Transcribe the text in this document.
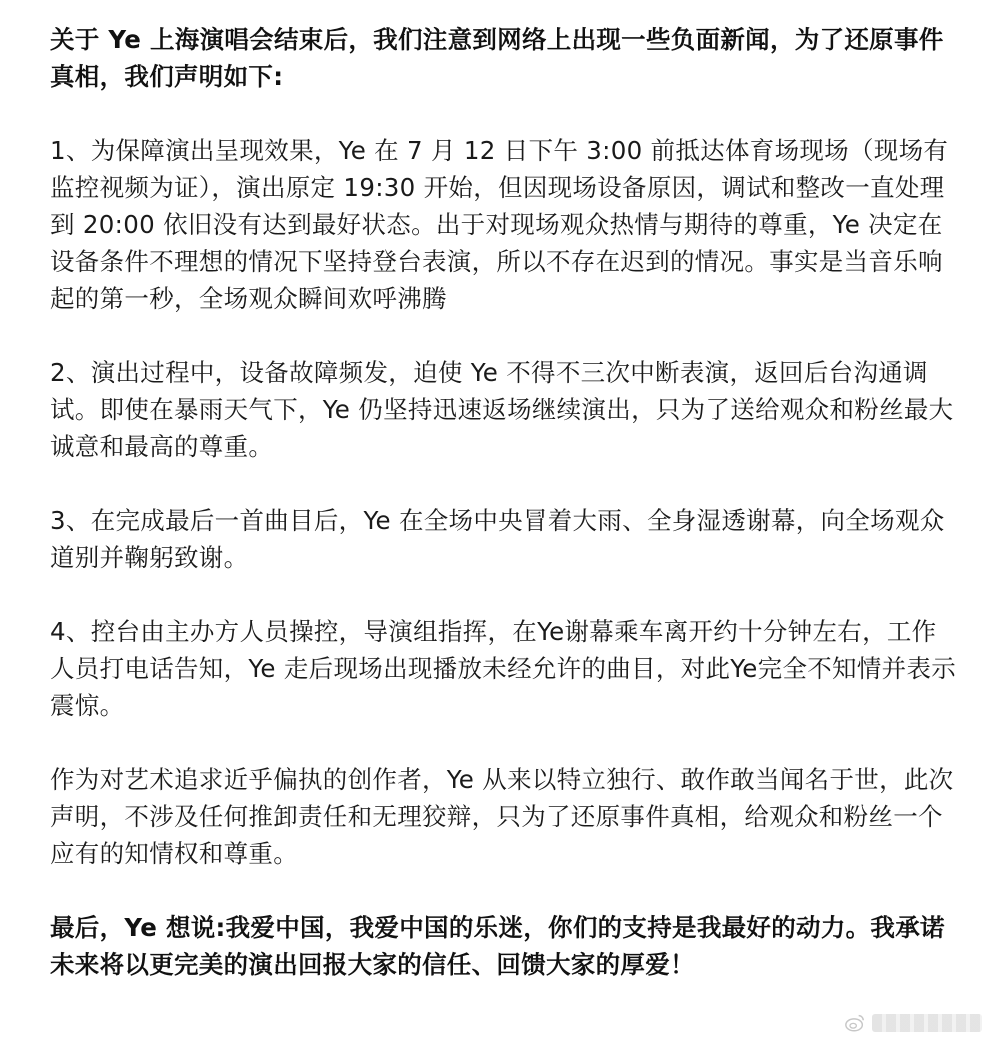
关于 Ye 上海演唱会结束后，我们注意到网络上出现一些负面新闻，为了还原事件真相，我们声明如下:

1、为保障演出呈现效果，Ye 在 7 月 12 日下午 3:00 前抵达体育场现场（现场有监控视频为证），演出原定 19:30 开始，但因现场设备原因，调试和整改一直处理到 20:00 依旧没有达到最好状态。出于对现场观众热情与期待的尊重，Ye 决定在设备条件不理想的情况下坚持登台表演，所以不存在迟到的情况。事实是当音乐响起的第一秒，全场观众瞬间欢呼沸腾

2、演出过程中，设备故障频发，迫使 Ye 不得不三次中断表演，返回后台沟通调试。即使在暴雨天气下，Ye 仍坚持迅速返场继续演出，只为了送给观众和粉丝最大诚意和最高的尊重。

3、在完成最后一首曲目后，Ye 在全场中央冒着大雨、全身湿透谢幕，向全场观众道别并鞠躬致谢。

4、控台由主办方人员操控，导演组指挥，在Ye谢幕乘车离开约十分钟左右，工作人员打电话告知，Ye 走后现场出现播放未经允许的曲目，对此Ye完全不知情并表示震惊。

作为对艺术追求近乎偏执的创作者，Ye 从来以特立独行、敢作敢当闻名于世，此次声明，不涉及任何推卸责任和无理狡辩，只为了还原事件真相，给观众和粉丝一个应有的知情权和尊重。

最后，Ye 想说:我爱中国，我爱中国的乐迷，你们的支持是我最好的动力。我承诺未来将以更完美的演出回报大家的信任、回馈大家的厚爱！
